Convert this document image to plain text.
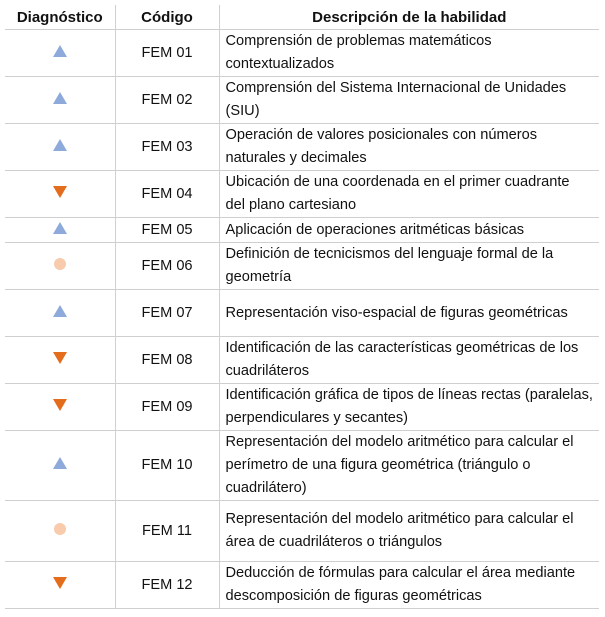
Diagnóstico	Código	Descripción de la habilidad
	FEM 01	Comprensión de problemas matemáticos contextualizados
	FEM 02	Comprensión del Sistema Internacional de Unidades (SIU)
	FEM 03	Operación de valores posicionales con números naturales y decimales
	FEM 04	Ubicación de una coordenada en el primer cuadrante del plano cartesiano
	FEM 05	Aplicación de operaciones aritméticas básicas
	FEM 06	Definición de tecnicismos del lenguaje formal de la geometría
	FEM 07	Representación viso-espacial de figuras geométricas
	FEM 08	Identificación de las características geométricas de los cuadriláteros
	FEM 09	Identificación gráfica de tipos de líneas rectas (paralelas, perpendiculares y secantes)
	FEM 10	Representación del modelo aritmético para calcular el perímetro de una figura geométrica (triángulo o cuadrilátero)
	FEM 11	Representación del modelo aritmético para calcular el área de cuadriláteros o triángulos
	FEM 12	Deducción de fórmulas para calcular el área mediante descomposición de figuras geométricas
